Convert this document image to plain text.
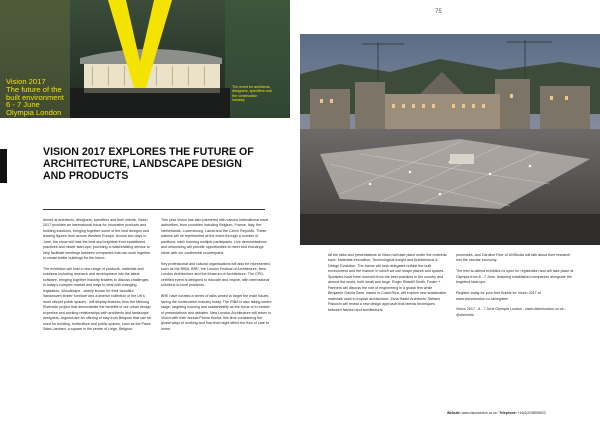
75
Vision 2017
The future of the
built environment
6 - 7 June
Olympia London
The event for architects,
designers, specifiers and
the construction
industry
VISION 2017 EXPLORES THE FUTURE OF
ARCHITECTURE, LANDSCAPE DESIGN
AND PRODUCTS

Aimed at architects, designers, specifiers and their clients, Vision 2017 provides an international focus for innovative products and building solutions, bringing together some of the best designs and leading figures from across Western Europe. Across two days in June, the show will host the best and brightest from established practices and newer start-ups, providing a matchmaking service to help facilitate meetings between companies that can work together to create better buildings for the future.

The exhibition will host a new range of products, materials and solutions including research and development into the latest software, bringing together industry leaders to discuss challenges in today's complex market and ways to deal with changing legislation. Woodscape - widely known for their beautiful handwoven timber furniture and a diverse collection of the UK's most vibrant public spaces - will display features from the Mekong Riverside project that demonstrate the benefits of our urban design expertise and working relationships with architects and landscape designers. Argenta are an offering of stay from Belgium that can be used for building, horticulture and public spaces, such as the Place Saint-Lambert, a square in the centre of Liège, Belgium.

This year Vision has also partnered with various international trade authorities, from countries including Belgium, France, Italy, the Netherlands, Luxembourg, Latvia and the Czech Republic. These nations will be represented at the event through a number of pavilions, each housing multiple participants. Live demonstrations and networking will provide opportunities to meet and exchange ideas with our continental counterparts.

Key professional and cultural organisations will also be represented, such as the RIBA, BRE, the London Festival of Architecture, New London Architecture and the Museum of Architecture. The CPD-certified event is designed to educate and inspire, with international solutions to local problems.

BRE have curated a series of talks aimed to target the main issues facing the construction industry today. The RIBA is also taking centre stage, targeting housing and sustainability as the focus of a number of presentations and debates. New London Architecture will return to Vision with their annual Pecha Kucha, this time considering the global ways of working and how that might affect the flow of care to home.

All the talks and presentations at Vision will take place under the umbrella topic: Materials Innovation, Technological Insight and Architectural & Design Evolution. The theme will help delegates rethink the built environment and the manner in which we can shape places and spaces. Speakers have been sourced from the best practices in the country and around the world, both small and large. Roger Ridsdill Smith, Foster + Partners will discuss the role of engineering in a global firm while Benjamin Garcia Saxe, based in Costa Rica, will explore new sustainable materials used in tropical architecture. Zaha Hadid Architects' Stefano Paiocchi will reveal a new design approach that blends techniques between fashion and architectural

processes, and Caroline Rice of UNStudio will talk about their research into the circular economy.

The free-to-attend exhibition is open for registration and will take place at Olympia from 6 - 7 June, featuring established companies alongside the brightest start-ups.

Register today for your free tickets for Vision 2017 at www.visionlondon.co.uk/register

Vision 2017 - 6 - 7 June Olympia London - www.visionlondon.co.uk - @visionldn

Website: www.visionlondon.co.uk / Telephone: +44(0)2038939823
